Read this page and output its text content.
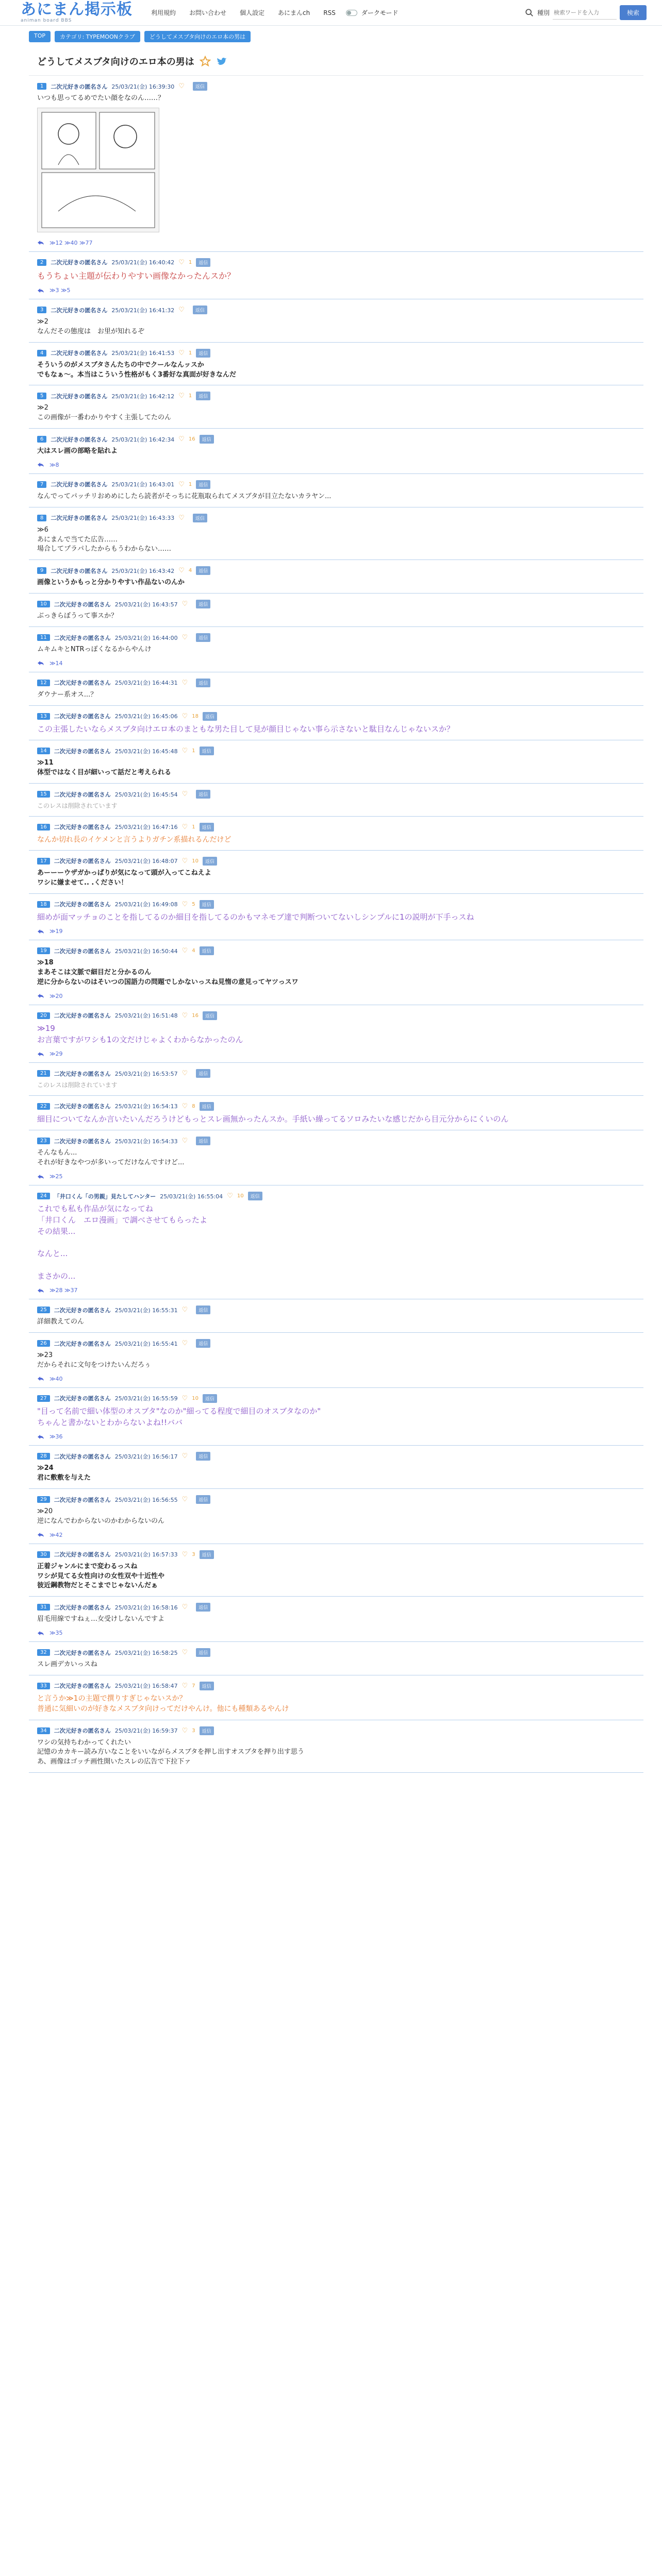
あにまん掲示板
animan board BBS
利用規約 お問い合わせ 個人設定 あにまんch RSS	ダークモード	種別
検索ワードを入力	検索
TOP	カテゴリ: TYPEMOONクラブ	どうしてメスブタ向けのエロ本の男は
どうしてメスブタ向けのエロ本の男は
1	二次元好きの匿名さん 25/03/21(金) 16:39:30 ♡	返信
いつも思ってるめでたい顔をなのん……？
≫12 ≫40 ≫77
2	二次元好きの匿名さん 25/03/21(金) 16:40:42 ♡ 1	返信
もうちょい主題が伝わりやすい画像なかったんスか？
≫3 ≫5
3	二次元好きの匿名さん 25/03/21(金) 16:41:32 ♡	返信
≫2
なんだその態度は　お里が知れるぞ
4	二次元好きの匿名さん 25/03/21(金) 16:41:53 ♡ 1	返信
そういうのがメスブタさんたちの中でクールなんッスか
でもなぁ〜。本当はこういう性格がもく3番好な真面が好きなんだ
5	二次元好きの匿名さん 25/03/21(金) 16:42:12 ♡ 1	返信
≫2
この画像が一番わかりやすく主張してたのん
6	二次元好きの匿名さん 25/03/21(金) 16:42:34 ♡ 16	返信
大はスレ画の部略を貼れよ
≫8
7	二次元好きの匿名さん 25/03/21(金) 16:43:01 ♡ 1	返信
なんでってパッチリおめめにしたら読者がそっちに花瓶取られてメスブタが目立たないカラヤン...
8	二次元好きの匿名さん 25/03/21(金) 16:43:33 ♡	返信
≫6
あにまんで当てた広告……
場合してプラパしたからもうわからない……
9	二次元好きの匿名さん 25/03/21(金) 16:43:42 ♡ 4	返信
画像というかもっと分かりやすい作品ないのんか
10	二次元好きの匿名さん 25/03/21(金) 16:43:57 ♡	返信
ぶっきらぼうって事スか？
11	二次元好きの匿名さん 25/03/21(金) 16:44:00 ♡	返信
ムキムキとNTRっぽくなるからやんけ
≫14
12	二次元好きの匿名さん 25/03/21(金) 16:44:31 ♡	返信
ダウナー系オス...？
13	二次元好きの匿名さん 25/03/21(金) 16:45:06 ♡ 18	返信
この主張したいならメスブタ向けエロ本のまともな男た目して見が顔目じゃない事ら示さないと駄目なんじゃないスか？
14	二次元好きの匿名さん 25/03/21(金) 16:45:48 ♡ 1	返信
≫11
体型ではなく目が細いって話だと考えられる
15	二次元好きの匿名さん 25/03/21(金) 16:45:54 ♡	返信
このレスは削除されています
16	二次元好きの匿名さん 25/03/21(金) 16:47:16 ♡ 1	返信
なんか切れ長のイケメンと言うよりガチン系描れるんだけど
17	二次元好きの匿名さん 25/03/21(金) 16:48:07 ♡ 10	返信
あーーーウザガかっぱりが気になって頭が入ってこねえよ
ワシに嫌ませて.. .ください！
18	二次元好きの匿名さん 25/03/21(金) 16:49:08 ♡ 5	返信
細めが面マッチョのことを指してるのか細目を指してるのかもマネモブ達で判断ついてないしシンプルに1の説明が下手っスね
≫19
19	二次元好きの匿名さん 25/03/21(金) 16:50:44 ♡ 4	返信
≫18
まあそこは文脈で細目だと分かるのん
逆に分からないのはそいつの国語力の問題でしかないっスね見惰の意見ってヤツっスワ
≫20
20	二次元好きの匿名さん 25/03/21(金) 16:51:48 ♡ 16	返信
≫19
お言葉ですがワシも1の文だけじゃよくわからなかったのん
≫29
21	二次元好きの匿名さん 25/03/21(金) 16:53:57 ♡	返信
このレスは削除されています
22	二次元好きの匿名さん 25/03/21(金) 16:54:13 ♡ 8	返信
細目についてなんか言いたいんだろうけどもっとスレ画無かったんスか。手紙い繰ってるソロみたいな感じだから目元分からにくいのん
23	二次元好きの匿名さん 25/03/21(金) 16:54:33 ♡	返信
そんなもん...
それが好きなやつが多いってだけなんですけど...
≫25
24	「井口くん「の男親」見たしてハンター 25/03/21(金) 16:55:04 ♡ 10	返信
これでも私も作品が気になってね
「井口くん　エロ漫画」で調べさせてもらったよ
その結果...

なんと...

まさかの...
≫28 ≫37
25	二次元好きの匿名さん 25/03/21(金) 16:55:31 ♡	返信
詳細教えてのん
26	二次元好きの匿名さん 25/03/21(金) 16:55:41 ♡	返信
≫23
だからそれに文句をつけたいんだろぅ
≫40
27	二次元好きの匿名さん 25/03/21(金) 16:55:59 ♡ 10	返信
"目って名前で細い体型のオスブタ"なのか"細ってる程度で細目のオスブタなのか"
ちゃんと書かないとわからないよね!!ババ
≫36
28	二次元好きの匿名さん 25/03/21(金) 16:56:17 ♡	返信
≫24
君に敷敷を与えた
29	二次元好きの匿名さん 25/03/21(金) 16:56:55 ♡	返信
≫20
逆になんでわからないのかわからないのん
≫42
30	二次元好きの匿名さん 25/03/21(金) 16:57:33 ♡ 3	返信
正着ジャンルにまで変わるっスね
ワシが見てる女性向けの女性双や十近性や
彼近鋼教物だとそこまでじゃないんだぁ
31	二次元好きの匿名さん 25/03/21(金) 16:58:16 ♡	返信
眉毛用線ですねぇ…女受けしないんですよ
≫35
32	二次元好きの匿名さん 25/03/21(金) 16:58:25 ♡	返信
スレ画デカいっスね
33	二次元好きの匿名さん 25/03/21(金) 16:58:47 ♡ 7	返信
と言うか≫1の主題で撰りすぎじゃないスか？
普通に気細いのが好きなメスブタ向けってだけやんけ。他にも種類あるやんけ
34	二次元好きの匿名さん 25/03/21(金) 16:59:37 ♡ 3	返信
ワシの気持ちわかってくれたい
記憶のカカキー読み方いなことをいいながらメスブタを押し出すオスブタを押り出す思う
あ、画像はゴッチ画性開いたスレの広告で下拉下ァ
